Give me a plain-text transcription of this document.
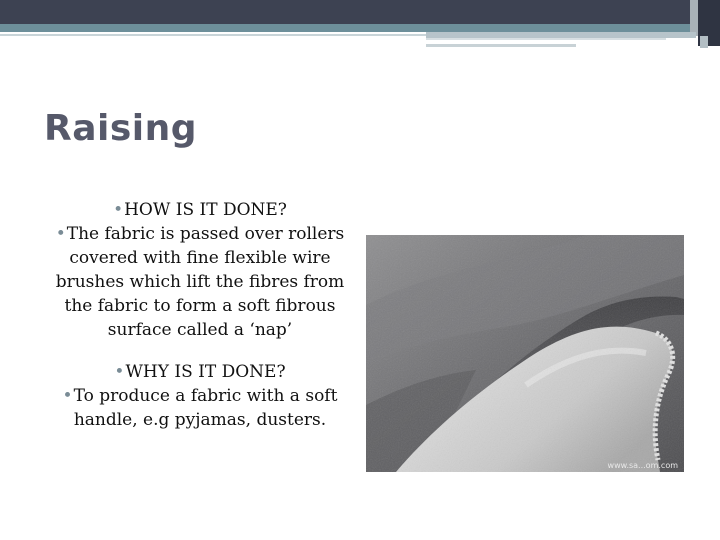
Raising

•HOW IS IT DONE?

•The fabric is passed over rollers covered with fine flexible wire brushes which lift the fibres from the fabric to form a soft fibrous surface called a ‘nap’

•WHY IS IT DONE?

•To produce a fabric with a soft handle, e.g pyjamas, dusters.

www.sa...om.com
